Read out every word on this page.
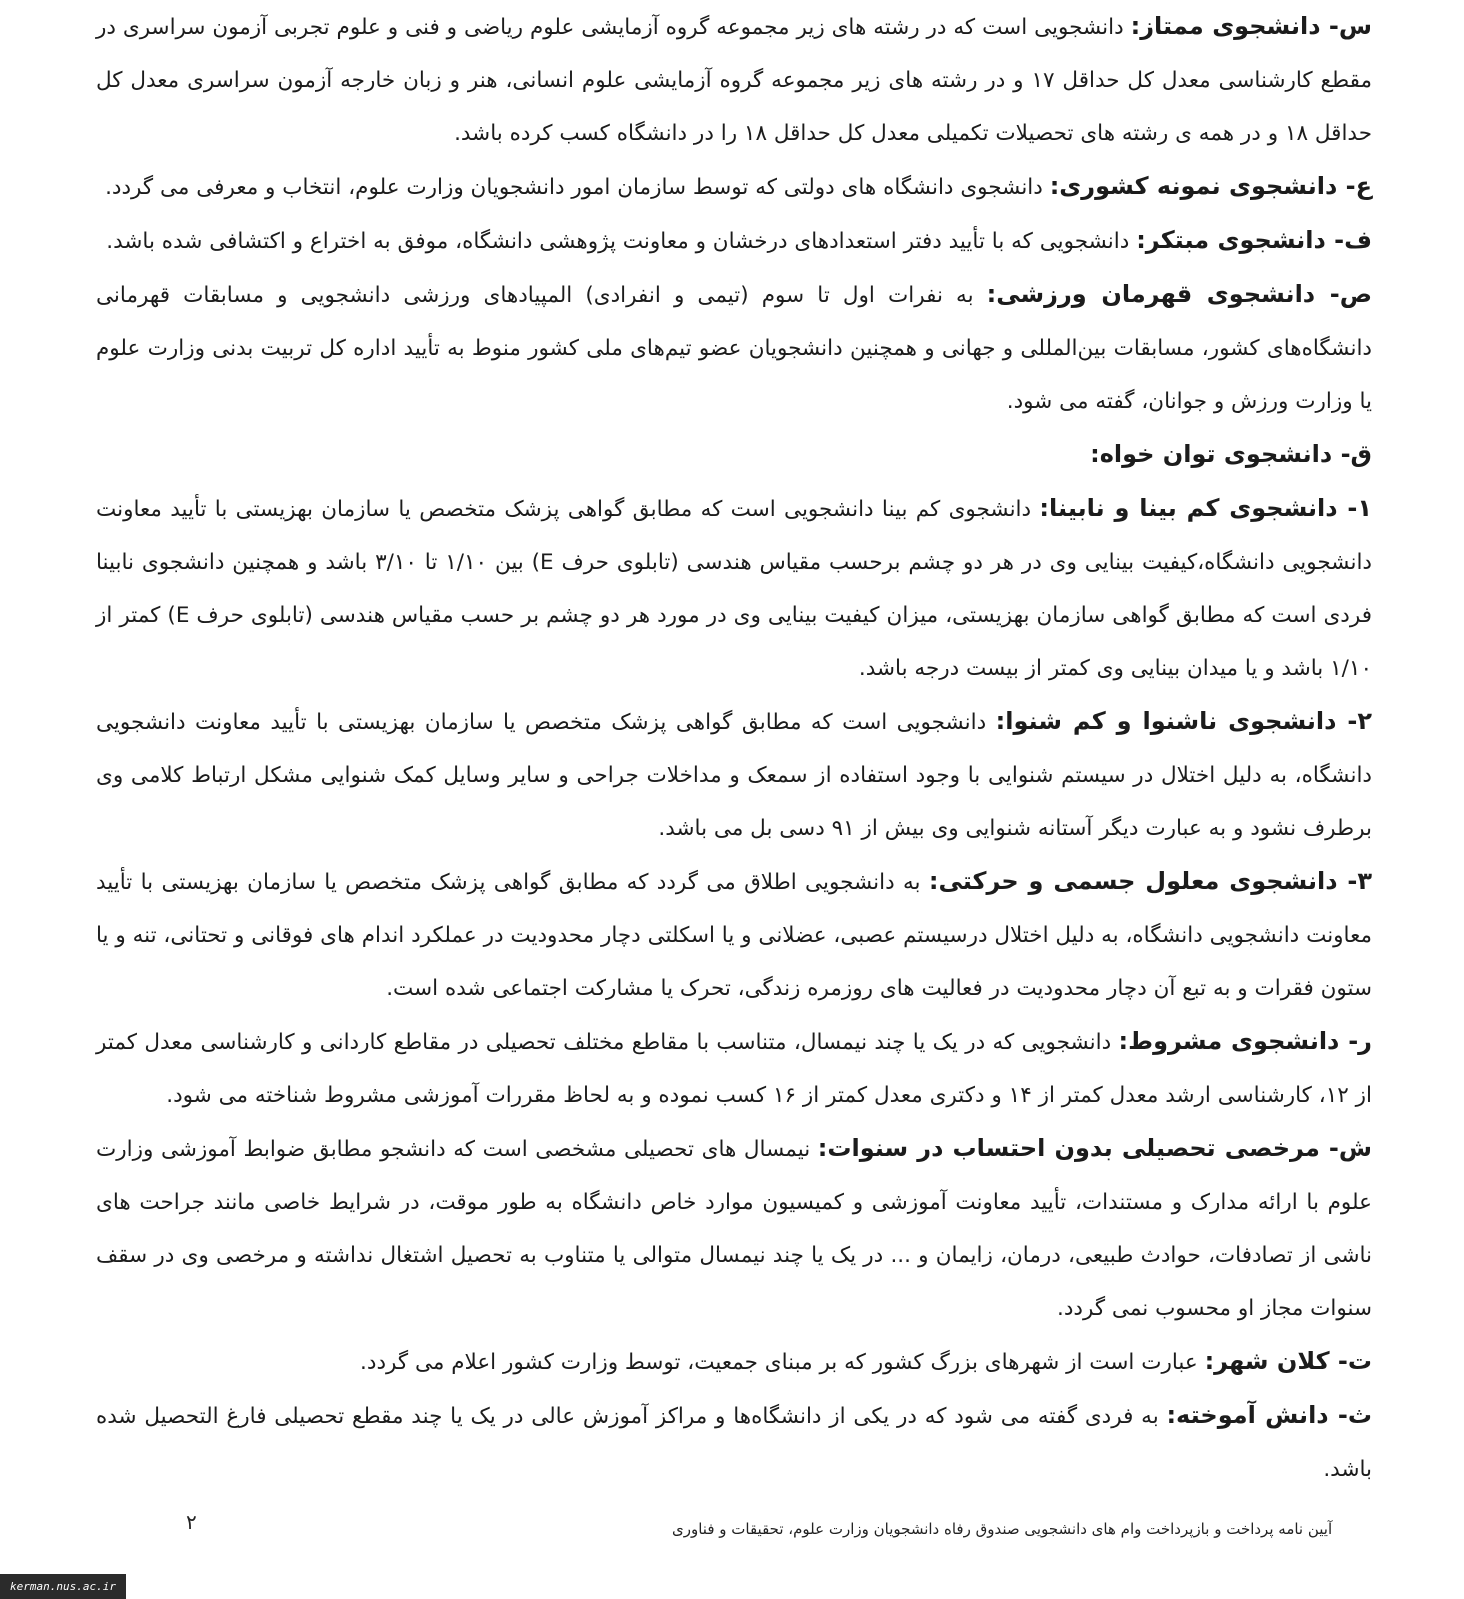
س- دانشجوی ممتاز: دانشجویی است که در رشته های زیر مجموعه گروه آزمایشی علوم ریاضی و فنی و علوم تجربی آزمون سراسری در مقطع کارشناسی معدل کل حداقل ۱۷ و در رشته های زیر مجموعه گروه آزمایشی علوم انسانی، هنر و زبان خارجه آزمون سراسری معدل کل حداقل ۱۸ و در همه ی رشته های تحصیلات تکمیلی معدل کل حداقل ۱۸ را در دانشگاه کسب کرده باشد.

ع- دانشجوی نمونه کشوری: دانشجوی دانشگاه های دولتی که توسط سازمان امور دانشجویان وزارت علوم، انتخاب و معرفی می گردد.

ف- دانشجوی مبتکر: دانشجویی که با تأیید دفتر استعدادهای درخشان و معاونت پژوهشی دانشگاه، موفق به اختراع و اکتشافی شده باشد.

ص- دانشجوی قهرمان ورزشی: به نفرات اول تا سوم (تیمی و انفرادی) المپیادهای ورزشی دانشجویی و مسابقات قهرمانی دانشگاه‌های کشور، مسابقات بین‌المللی و جهانی و همچنین دانشجویان عضو تیم‌های ملی کشور منوط به تأیید اداره کل تربیت بدنی وزارت علوم یا وزارت ورزش و جوانان، گفته می شود.

ق- دانشجوی توان خواه:

۱- دانشجوی کم بینا و نابینا: دانشجوی کم بینا دانشجویی است که مطابق گواهی پزشک متخصص یا سازمان بهزیستی با تأیید معاونت دانشجویی دانشگاه،کیفیت بینایی وی در هر دو چشم برحسب مقیاس هندسی (تابلوی حرف E) بین ۱/۱۰ تا ۳/۱۰ باشد و همچنین دانشجوی نابینا فردی است که مطابق گواهی سازمان بهزیستی، میزان کیفیت بینایی وی در مورد هر دو چشم بر حسب مقیاس هندسی (تابلوی حرف E) کمتر از ۱/۱۰ باشد و یا میدان بینایی وی کمتر از بیست درجه باشد.

۲- دانشجوی ناشنوا و کم شنوا: دانشجویی است که مطابق گواهی پزشک متخصص یا سازمان بهزیستی با تأیید معاونت دانشجویی دانشگاه، به دلیل اختلال در سیستم شنوایی با وجود استفاده از سمعک و مداخلات جراحی و سایر وسایل کمک شنوایی مشکل ارتباط کلامی وی برطرف نشود و به عبارت دیگر آستانه شنوایی وی بیش از ۹۱ دسی بل می باشد.

۳- دانشجوی معلول جسمی و حرکتی: به دانشجویی اطلاق می گردد که مطابق گواهی پزشک متخصص یا سازمان بهزیستی با تأیید معاونت دانشجویی دانشگاه، به دلیل اختلال درسیستم عصبی، عضلانی و یا اسکلتی دچار محدودیت در عملکرد اندام های فوقانی و تحتانی، تنه و یا ستون فقرات و به تبع آن دچار محدودیت در فعالیت های روزمره زندگی، تحرک یا مشارکت اجتماعی شده است.

ر- دانشجوی مشروط: دانشجویی که در یک یا چند نیمسال، متناسب با مقاطع مختلف تحصیلی در مقاطع کاردانی و کارشناسی معدل کمتر از ۱۲، کارشناسی ارشد معدل کمتر از ۱۴ و دکتری معدل کمتر از ۱۶ کسب نموده و به لحاظ مقررات آموزشی مشروط شناخته می شود.

ش- مرخصی تحصیلی بدون احتساب در سنوات: نیمسال های تحصیلی مشخصی است که دانشجو مطابق ضوابط آموزشی وزارت علوم با ارائه مدارک و مستندات، تأیید معاونت آموزشی و کمیسیون موارد خاص دانشگاه به طور موقت، در شرایط خاصی مانند جراحت های ناشی از تصادفات، حوادث طبیعی، درمان، زایمان و ... در یک یا چند نیمسال متوالی یا متناوب به تحصیل اشتغال نداشته و مرخصی وی در سقف سنوات مجاز او محسوب نمی گردد.

ت- کلان شهر: عبارت است از شهرهای بزرگ کشور که بر مبنای جمعیت، توسط وزارت کشور اعلام می گردد.

ث- دانش آموخته: به فردی گفته می شود که در یکی از دانشگاه‌ها و مراکز آموزش عالی در یک یا چند مقطع تحصیلی فارغ التحصیل شده باشد.

۲	آیین نامه پرداخت و بازپرداخت وام های دانشجویی صندوق رفاه دانشجویان وزارت علوم، تحقیقات و فناوری
kerman.nus.ac.ir
